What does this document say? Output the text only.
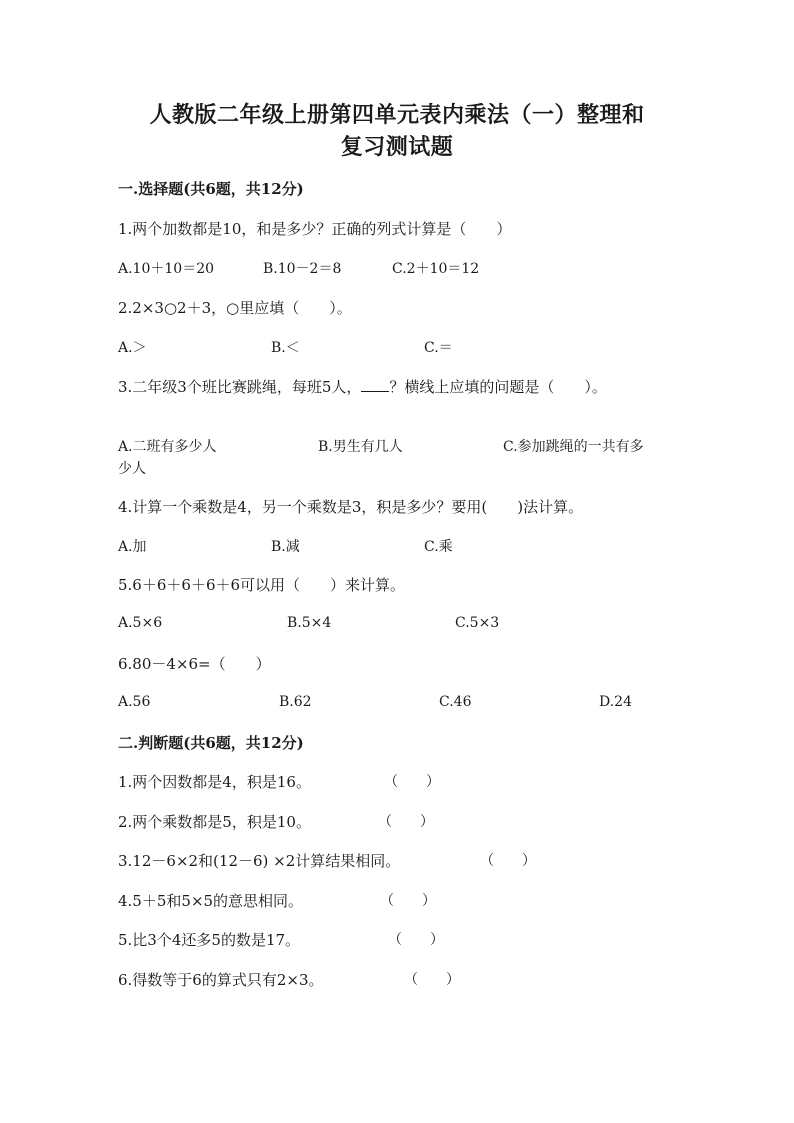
人教版二年级上册第四单元表内乘法（一）整理和
复习测试题
一.选择题(共6题，共12分)
1.两个加数都是10，和是多少？正确的列式计算是（　　）
A.10＋10＝20	B.10－2＝8	C.2＋10＝12
2.2×3○2＋3，○里应填（　　）。
A.＞	B.＜	C.＝
3.二年级3个班比赛跳绳，每班5人， ？横线上应填的问题是（　　）。
A.二班有多少人	B.男生有几人	C.参加跳绳的一共有多
少人
4.计算一个乘数是4，另一个乘数是3，积是多少？要用(　　)法计算。
A.加	B.减	C.乘
5.6＋6＋6＋6＋6可以用（　　）来计算。
A.5×6	B.5×4	C.5×3
6.80－4×6=（　　）
A.56	B.62	C.46	D.24
二.判断题(共6题，共12分)
1.两个因数都是4，积是16。	（　　）
2.两个乘数都是5，积是10。	（　　）
3.12－6×2和(12－6) ×2计算结果相同。	（　　）
4.5＋5和5×5的意思相同。	（　　）
5.比3个4还多5的数是17。	（　　）
6.得数等于6的算式只有2×3。	（　　）
